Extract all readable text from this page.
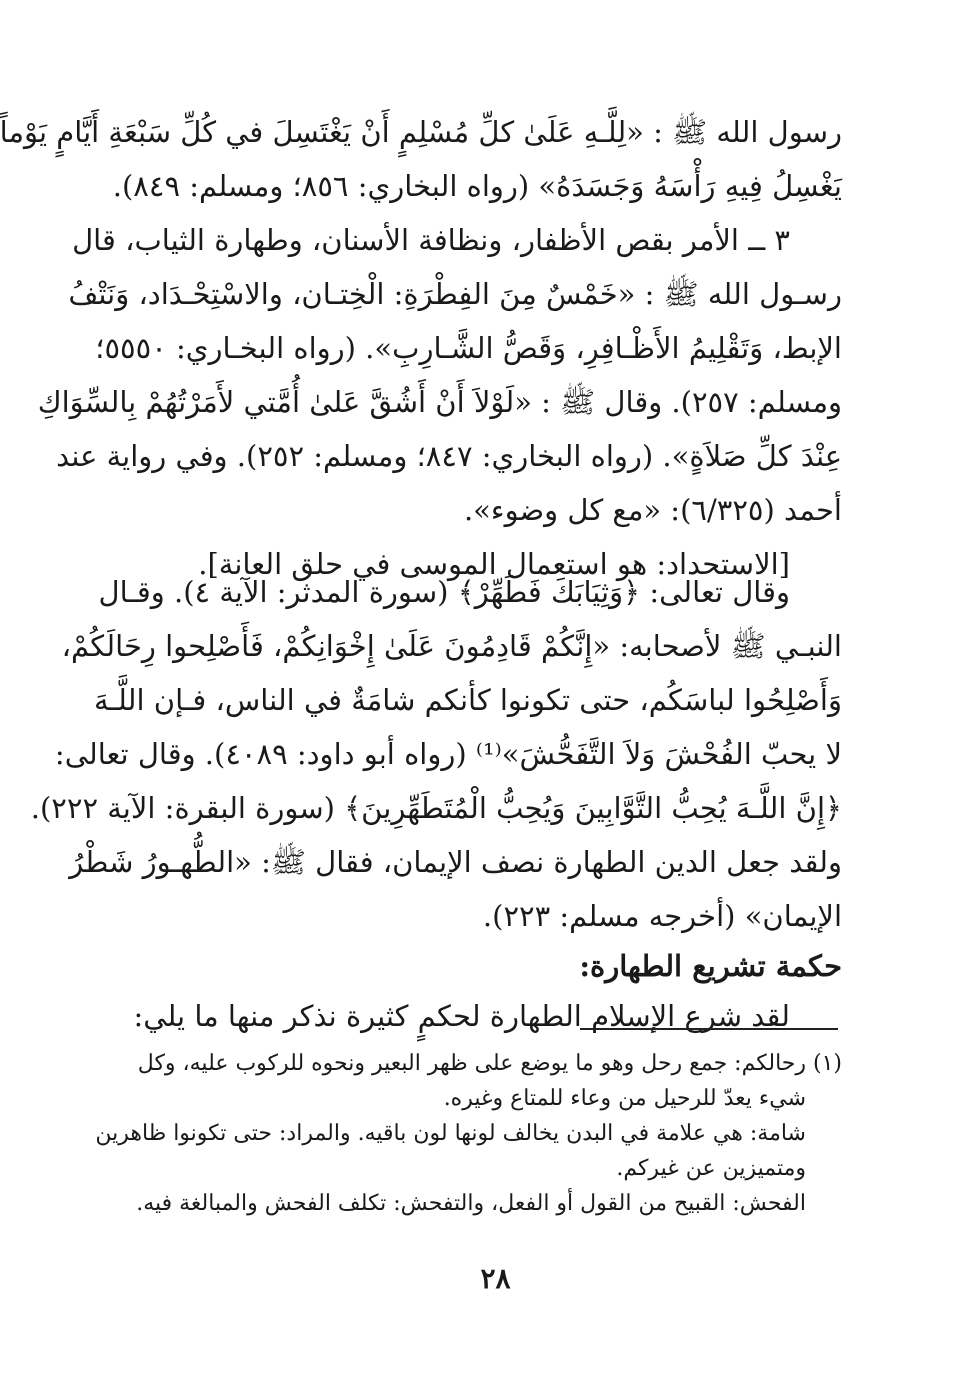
رسول الله ﷺ : «لِلَّـهِ عَلَىٰ كلِّ مُسْلِمٍ أَنْ يَغْتَسِلَ في كُلِّ سَبْعَةِ أَيَّامٍ يَوْماً
يَغْسِلُ فِيهِ رَأْسَهُ وَجَسَدَهُ» (رواه البخاري: ٨٥٦؛ ومسلم: ٨٤٩).
٣ ــ الأمر بقص الأظفار، ونظافة الأسنان، وطهارة الثياب، قال
رسـول الله ﷺ : «خَمْسٌ مِنَ الفِطْرَةِ: الْخِتـان، والاسْتِحْـدَاد، وَنَتْفُ
الإبط، وَتَقْلِيمُ الأَظْـافِرِ، وَقَصُّ الشَّـارِبِ». (رواه البخـاري: ٥٥٥٠؛
ومسلم: ٢٥٧). وقال ﷺ : «لَوْلاَ أَنْ أَشُقَّ عَلىٰ أُمَّتي لأَمَرْتُهُمْ بِالسِّوَاكِ
عِنْدَ كلِّ صَلاَةٍ». (رواه البخاري: ٨٤٧؛ ومسلم: ٢٥٢). وفي رواية عند
أحمد (٦/٣٢٥): «مع كل وضوء».
[الاستحداد: هو استعمال الموسى في حلق العانة].
وقال تعالى: ﴿وَثِيَابَكَ فَطَهِّرْ﴾ (سورة المدثر: الآية ٤). وقـال
النبـي ﷺ لأصحابه: «إِنَّكُمْ قَادِمُونَ عَلَىٰ إِخْوَانِكُمْ، فَأَصْلِحوا رِحَالَكُمْ،
وَأَصْلِحُوا لباسَكُم، حتى تكونوا كأنكم شامَةٌ في الناس، فـإن اللَّـهَ
لا يحبّ الفُحْشَ وَلاَ التَّفَحُّشَ»⁽¹⁾ (رواه أبو داود: ٤٠٨٩). وقال تعالى:
﴿إِنَّ اللَّـهَ يُحِبُّ التَّوَّابِينَ وَيُحِبُّ الْمُتَطَهِّرِينَ﴾ (سورة البقرة: الآية ٢٢٢).
ولقد جعل الدين الطهارة نصف الإيمان، فقال ﷺ: «الطُّهـورُ شَطْرُ
الإيمان» (أخرجه مسلم: ٢٢٣).
حكمة تشريع الطهارة:
لقد شرع الإسلام الطهارة لحكمٍ كثيرة نذكر منها ما يلي:
(١) رحالكم: جمع رحل وهو ما يوضع على ظهر البعير ونحوه للركوب عليه، وكل
شيء يعدّ للرحيل من وعاء للمتاع وغيره.
شامة: هي علامة في البدن يخالف لونها لون باقيه. والمراد: حتى تكونوا ظاهرين
ومتميزين عن غيركم.
الفحش: القبيح من القول أو الفعل، والتفحش: تكلف الفحش والمبالغة فيه.
٢٨
